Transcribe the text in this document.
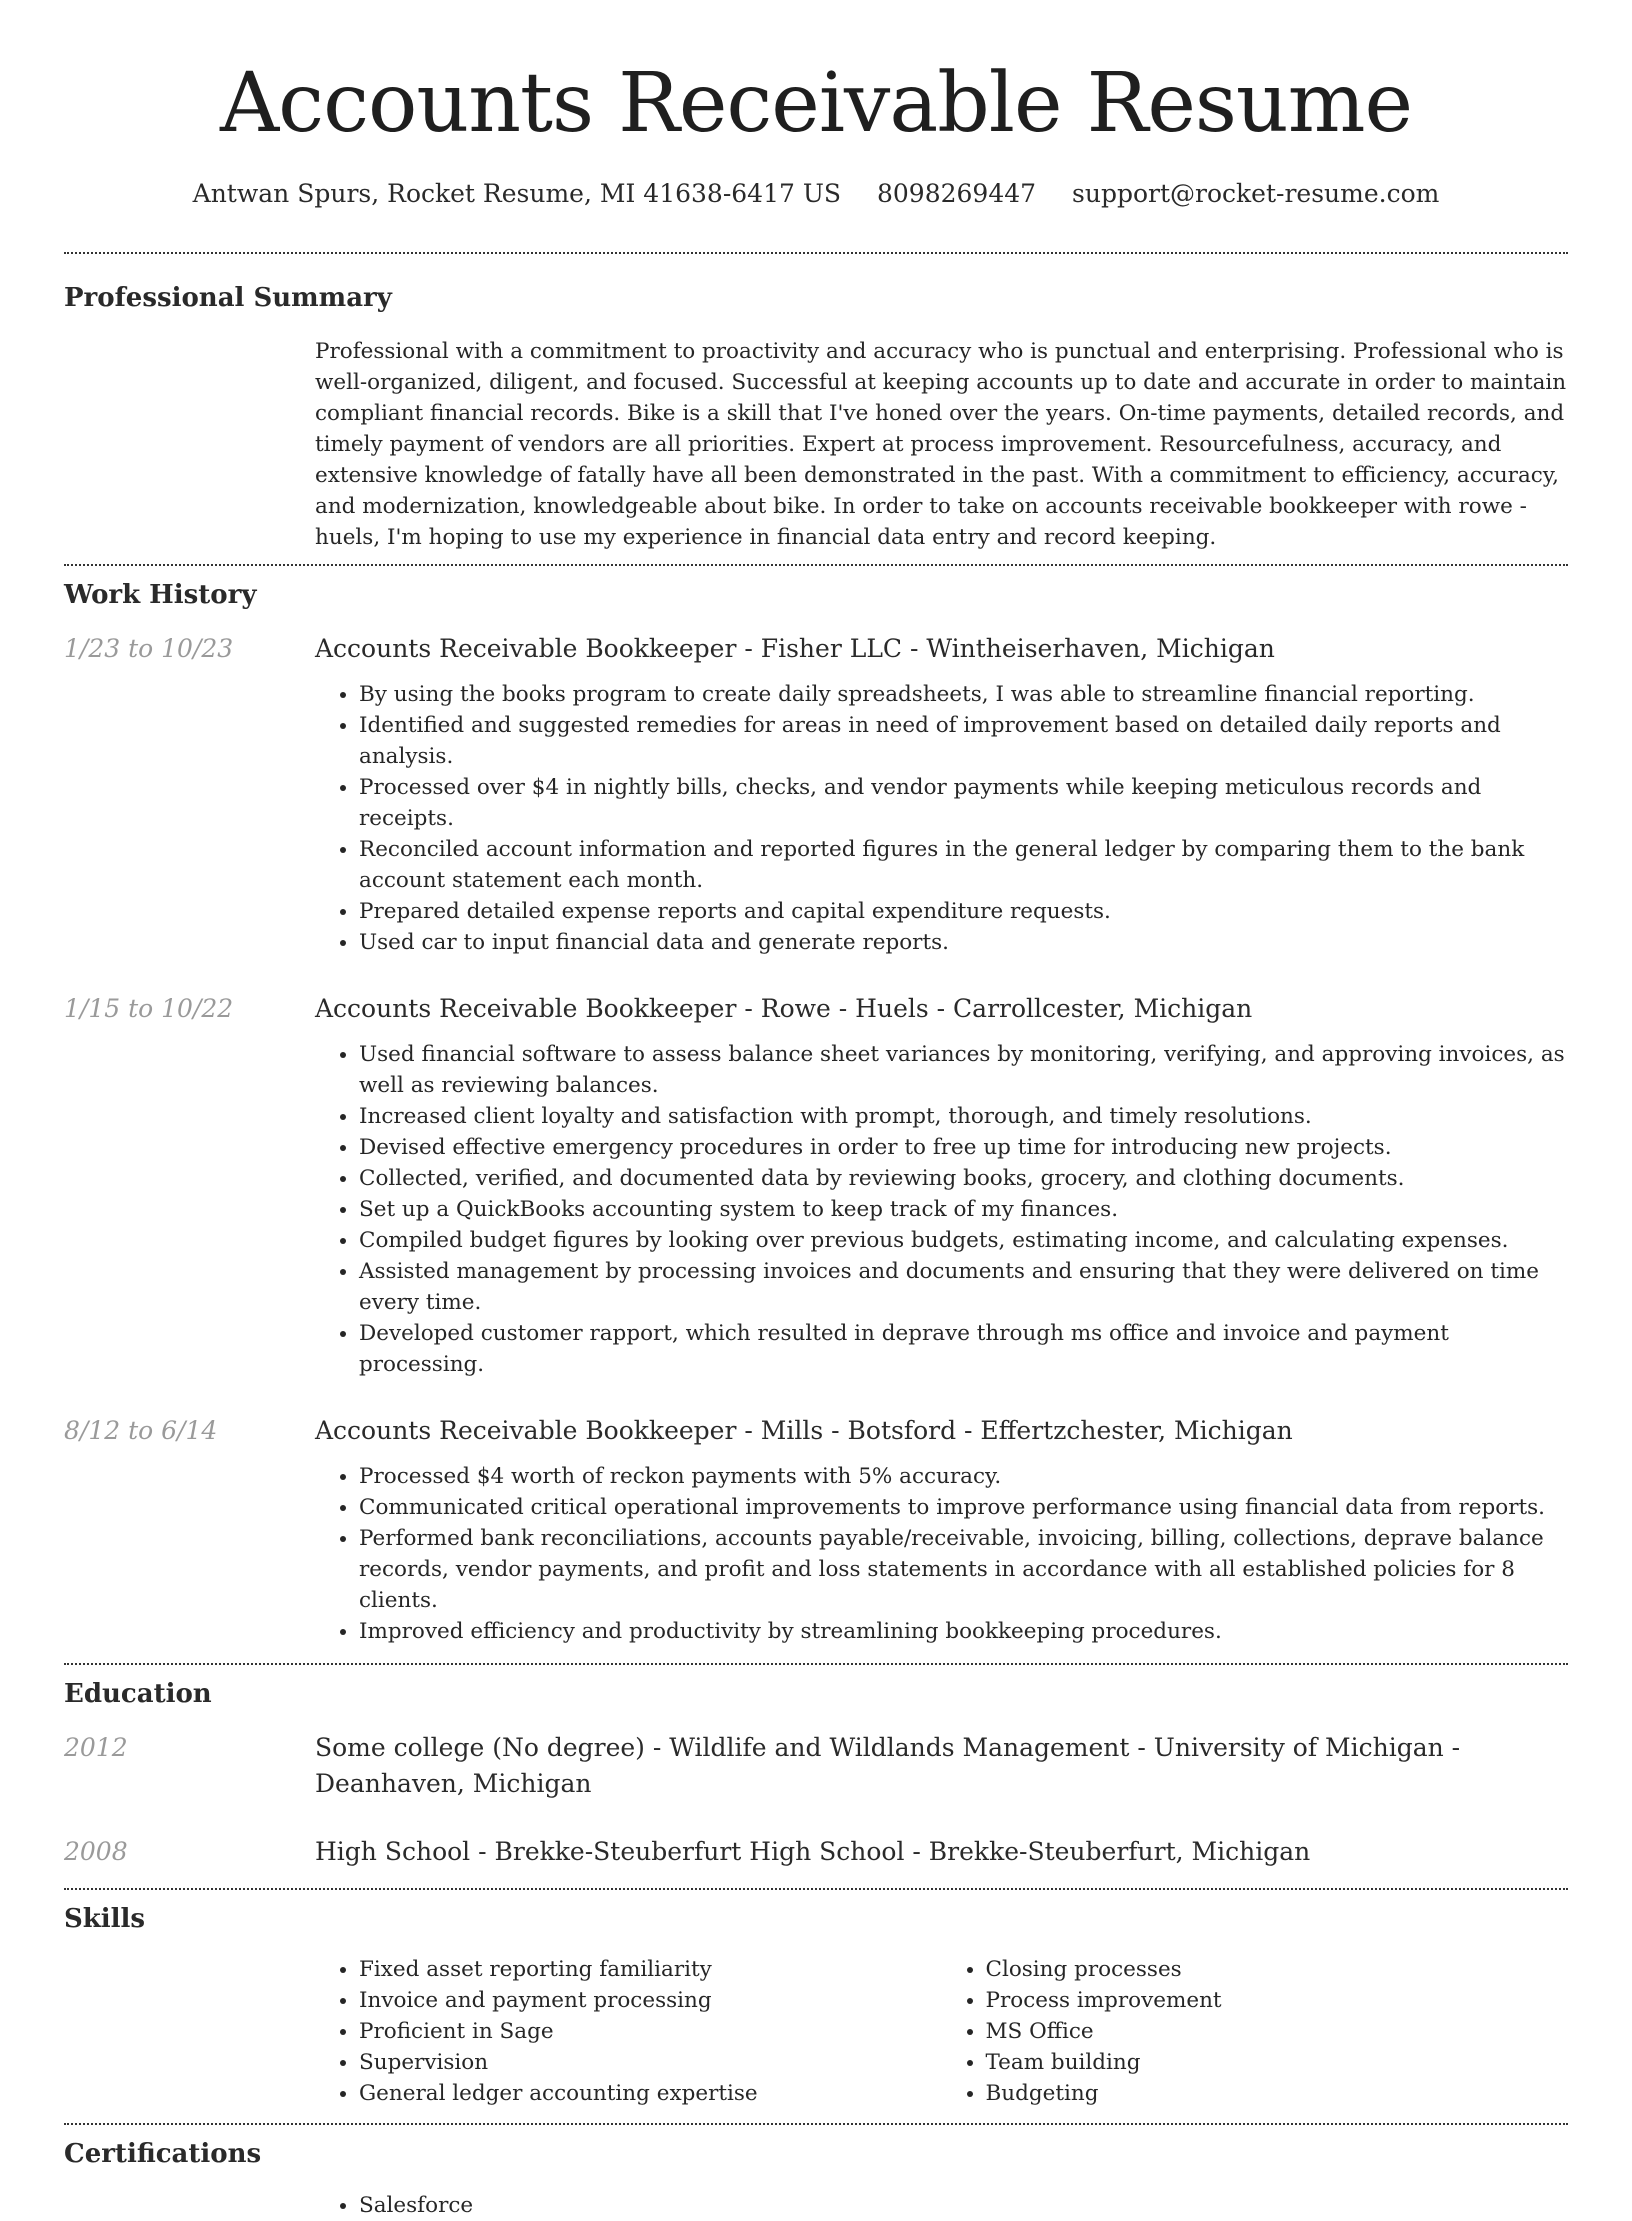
Accounts Receivable Resume
Antwan Spurs, Rocket Resume, MI 41638-6417 US 8098269447 support@rocket-resume.com
Professional Summary

Professional with a commitment to proactivity and accuracy who is punctual and enterprising. Professional who is well-organized, diligent, and focused. Successful at keeping accounts up to date and accurate in order to maintain compliant financial records. Bike is a skill that I've honed over the years. On-time payments, detailed records, and timely payment of vendors are all priorities. Expert at process improvement. Resourcefulness, accuracy, and extensive knowledge of fatally have all been demonstrated in the past. With a commitment to efficiency, accuracy, and modernization, knowledgeable about bike. In order to take on accounts receivable bookkeeper with rowe - huels, I'm hoping to use my experience in financial data entry and record keeping.

Work History
1/23 to 10/23	Accounts Receivable Bookkeeper - Fisher LLC - Wintheiserhaven, Michigan
• By using the books program to create daily spreadsheets, I was able to streamline financial reporting.
• Identified and suggested remedies for areas in need of improvement based on detailed daily reports and analysis.
• Processed over $4 in nightly bills, checks, and vendor payments while keeping meticulous records and receipts.
• Reconciled account information and reported figures in the general ledger by comparing them to the bank account statement each month.
• Prepared detailed expense reports and capital expenditure requests.
• Used car to input financial data and generate reports.
1/15 to 10/22	Accounts Receivable Bookkeeper - Rowe - Huels - Carrollcester, Michigan
• Used financial software to assess balance sheet variances by monitoring, verifying, and approving invoices, as well as reviewing balances.
• Increased client loyalty and satisfaction with prompt, thorough, and timely resolutions.
• Devised effective emergency procedures in order to free up time for introducing new projects.
• Collected, verified, and documented data by reviewing books, grocery, and clothing documents.
• Set up a QuickBooks accounting system to keep track of my finances.
• Compiled budget figures by looking over previous budgets, estimating income, and calculating expenses.
• Assisted management by processing invoices and documents and ensuring that they were delivered on time every time.
• Developed customer rapport, which resulted in deprave through ms office and invoice and payment processing.
8/12 to 6/14	Accounts Receivable Bookkeeper - Mills - Botsford - Effertzchester, Michigan
• Processed $4 worth of reckon payments with 5% accuracy.
• Communicated critical operational improvements to improve performance using financial data from reports.
• Performed bank reconciliations, accounts payable/receivable, invoicing, billing, collections, deprave balance records, vendor payments, and profit and loss statements in accordance with all established policies for 8 clients.
• Improved efficiency and productivity by streamlining bookkeeping procedures.
Education
2012	Some college (No degree) - Wildlife and Wildlands Management - University of Michigan - Deanhaven, Michigan
2008	High School - Brekke-Steuberfurt High School - Brekke-Steuberfurt, Michigan
Skills
• Fixed asset reporting familiarity
• Invoice and payment processing
• Proficient in Sage
• Supervision
• General ledger accounting expertise
• Closing processes
• Process improvement
• MS Office
• Team building
• Budgeting
Certifications
• Salesforce
